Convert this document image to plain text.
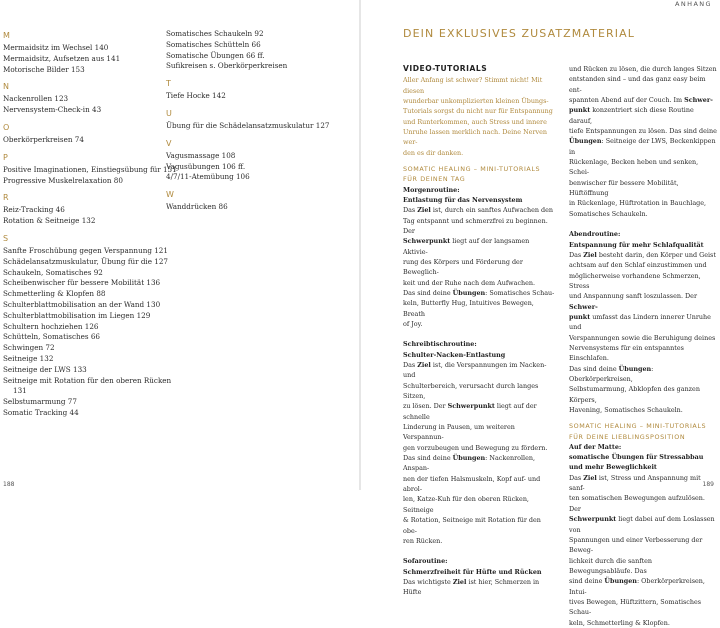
ANHANG
M
Mermaidsitz im Wechsel 140
Mermaidsitz, Aufsetzen aus 141
Motorische Bilder 153
N
Nackenrollen 123
Nervensystem-Check-in 43
O
Oberkörperkreisen 74
P
Positive Imaginationen, Einstiegsübung für 151
Progressive Muskelrelaxation 80
R
Reiz-Tracking 46
Rotation & Seitneige 132
S
Sanfte Froschübung gegen Verspannung 121
Schädelansatzmuskulatur, Übung für die 127
Schaukeln, Somatisches 92
Scheibenwischer für bessere Mobilität 136
Schmetterling & Klopfen 88
Schulterblattmobilisation an der Wand 130
Schulterblattmobilisation im Liegen 129
Schultern hochziehen 126
Schütteln, Somatisches 66
Schwingen 72
Seitneige 132
Seitneige der LWS 133
Seitneige mit Rotation für den oberen Rücken
131
Selbstumarmung 77
Somatic Tracking 44
Somatisches Schaukeln 92
Somatisches Schütteln 66
Somatische Übungen 66 ff.
Sufikreisen s. Oberkörperkreisen
T
Tiefe Hocke 142
U
Übung für die Schädelansatzmuskulatur 127
V
Vagusmassage 108
Vagusübungen 106 ff.
4/7/11-Atemübung 106
W
Wanddrücken 86
DEIN EXKLUSIVES ZUSATZMATERIAL
VIDEO-TUTORIALS
Aller Anfang ist schwer? Stimmt nicht! Mit diesen
wunderbar unkomplizierten kleinen Übungs-
Tutorials sorgst du nicht nur für Entspannung
und Runterkommen, auch Stress und innere
Unruhe lassen merklich nach. Deine Nerven wer-
den es dir danken.
SOMATIC HEALING – MINI-TUTORIALS
FÜR DEINEN TAG
Morgenroutine:
Entlastung für das Nervensystem
Das Ziel ist, durch ein sanftes Aufwachen den
Tag entspannt und schmerzfrei zu beginnen. Der
Schwerpunkt liegt auf der langsamen Aktivie-
rung des Körpers und Förderung der Beweglich-
keit und der Ruhe nach dem Aufwachen.
Das sind deine Übungen: Somatisches Schau-
keln, Butterfly Hug, Intuitives Bewegen, Breath
of Joy.
Schreibtischroutine:
Schulter-Nacken-Entlastung
Das Ziel ist, die Verspannungen im Nacken- und
Schulterbereich, verursacht durch langes Sitzen,
zu lösen. Der Schwerpunkt liegt auf der schnelle
Linderung in Pausen, um weiteren Verspannun-
gen vorzubeugen und Bewegung zu fördern.
Das sind deine Übungen: Nackenrollen, Anspan-
nen der tiefen Halsmuskeln, Kopf auf- und abrol-
len, Katze-Kuh für den oberen Rücken, Seitneige
& Rotation, Seitneige mit Rotation für den obe-
ren Rücken.
Sofaroutine:
Schmerzfreiheit für Hüfte und Rücken
Das wichtigste Ziel ist hier, Schmerzen in Hüfte
und Rücken zu lösen, die durch langes Sitzen
entstanden sind – und das ganz easy beim ent-
spannten Abend auf der Couch. Im Schwer-
punkt konzentriert sich diese Routine darauf,
tiefe Entspannungen zu lösen. Das sind deine
Übungen: Seitneige der LWS, Beckenkippen in
Rückenlage, Becken heben und senken, Schei-
benwischer für bessere Mobilität, Hüftöffnung
in Rückenlage, Hüftrotation in Bauchlage,
Somatisches Schaukeln.
Abendroutine:
Entspannung für mehr Schlafqualität
Das Ziel besteht darin, den Körper und Geist
achtsam auf den Schlaf einzustimmen und
möglicherweise vorhandene Schmerzen, Stress
und Anspannung sanft loszulassen. Der Schwer-
punkt umfasst das Lindern innerer Unruhe und
Verspannungen sowie die Beruhigung deines
Nervensystems für ein entspanntes Einschlafen.
Das sind deine Übungen: Oberkörperkreisen,
Selbstumarmung, Abklopfen des ganzen Körpers,
Havening, Somatisches Schaukeln.
SOMATIC HEALING – MINI-TUTORIALS
FÜR DEINE LIEBLINGSPOSITION
Auf der Matte:
somatische Übungen für Stressabbau
und mehr Beweglichkeit
Das Ziel ist, Stress und Anspannung mit sanf-
ten somatischen Bewegungen aufzulösen. Der
Schwerpunkt liegt dabei auf dem Loslassen von
Spannungen und einer Verbesserung der Beweg-
lichkeit durch die sanften Bewegungsabläufe. Das
sind deine Übungen: Oberkörperkreisen, Intui-
tives Bewegen, Hüftzittern, Somatisches Schau-
keln, Schmetterling & Klopfen.
188	189
